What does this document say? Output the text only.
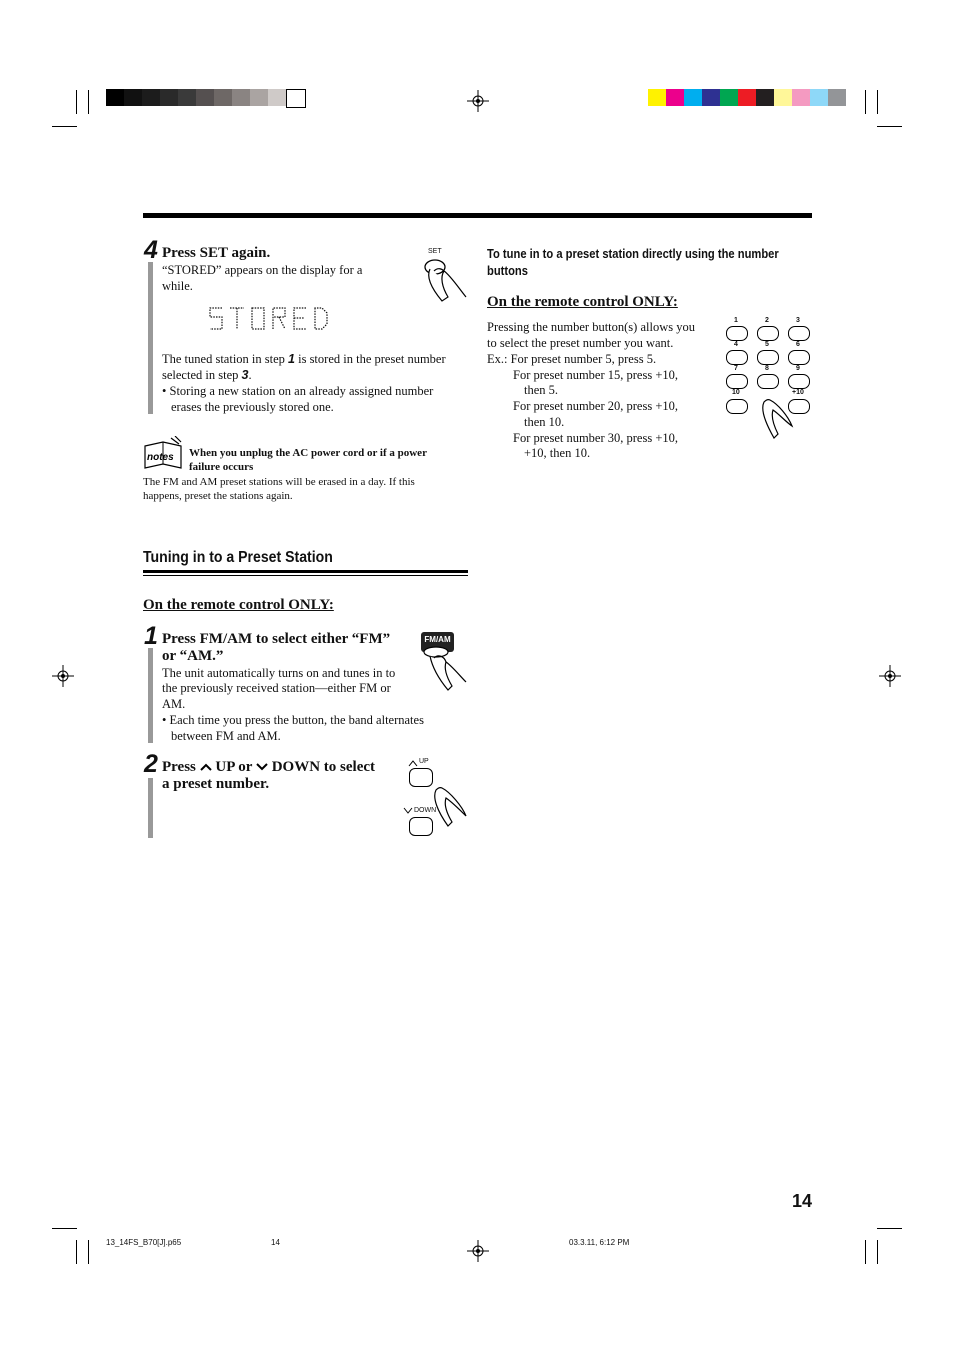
4 Press SET again.
“STORED” appears on the display for a
while.
SET
The tuned station in step 1 is stored in the preset number
selected in step 3.
• Storing a new station on an already assigned number
erases the previously stored one.
notes When you unplug the AC power cord or if a power
failure occurs
The FM and AM preset stations will be erased in a day. If this
happens, preset the stations again.
Tuning in to a Preset Station
On the remote control ONLY:
1 Press FM/AM to select either “FM”
or “AM.”
The unit automatically turns on and tunes in to
the previously received station—either FM or
AM.
• Each time you press the button, the band alternates
between FM and AM.
FM/AM
2 Press  UP or  DOWN to select
a preset number.
UP
DOWN
To tune in to a preset station directly using the number
buttons
On the remote control ONLY:
Pressing the number button(s) allows you
to select the preset number you want.
Ex.: For preset number 5, press 5.
For preset number 15, press +10,
then 5.
For preset number 20, press +10,
then 10.
For preset number 30, press +10,
+10, then 10.
1	2	3
4	5	6
7	8	9
10	+10
14
13_14FS_B70[J].p65	14	03.3.11, 6:12 PM
